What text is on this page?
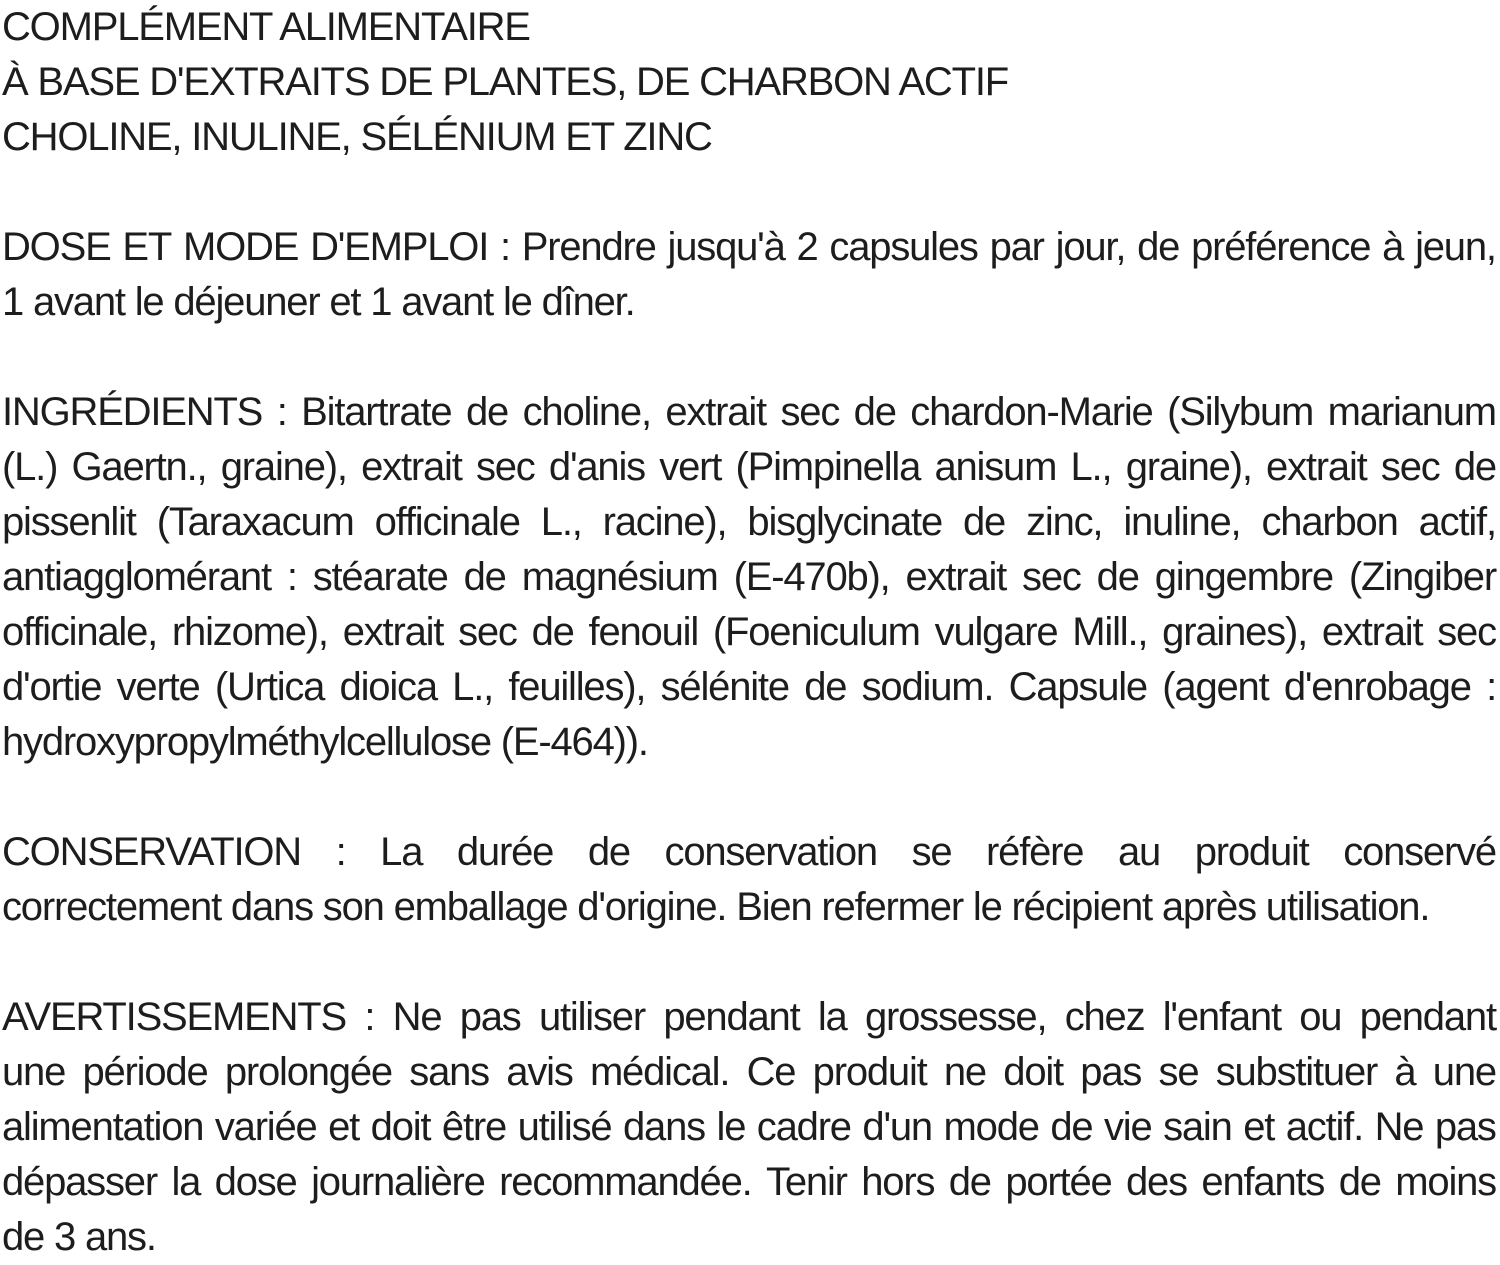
COMPLÉMENT ALIMENTAIRE
À BASE D'EXTRAITS DE PLANTES, DE CHARBON ACTIF
CHOLINE, INULINE, SÉLÉNIUM ET ZINC
DOSE ET MODE D'EMPLOI : Prendre jusqu'à 2 capsules par jour, de préférence à jeun,
1 avant le déjeuner et 1 avant le dîner.
INGRÉDIENTS : Bitartrate de choline, extrait sec de chardon-Marie (Silybum marianum
(L.) Gaertn., graine), extrait sec d'anis vert (Pimpinella anisum L., graine), extrait sec de
pissenlit (Taraxacum officinale L., racine), bisglycinate de zinc, inuline, charbon actif,
antiagglomérant : stéarate de magnésium (E-470b), extrait sec de gingembre (Zingiber
officinale, rhizome), extrait sec de fenouil (Foeniculum vulgare Mill., graines), extrait sec
d'ortie verte (Urtica dioica L., feuilles), sélénite de sodium. Capsule (agent d'enrobage :
hydroxypropylméthylcellulose (E-464)).
CONSERVATION : La durée de conservation se réfère au produit conservé
correctement dans son emballage d'origine. Bien refermer le récipient après utilisation.
AVERTISSEMENTS : Ne pas utiliser pendant la grossesse, chez l'enfant ou pendant
une période prolongée sans avis médical. Ce produit ne doit pas se substituer à une
alimentation variée et doit être utilisé dans le cadre d'un mode de vie sain et actif. Ne pas
dépasser la dose journalière recommandée. Tenir hors de portée des enfants de moins
de 3 ans.
